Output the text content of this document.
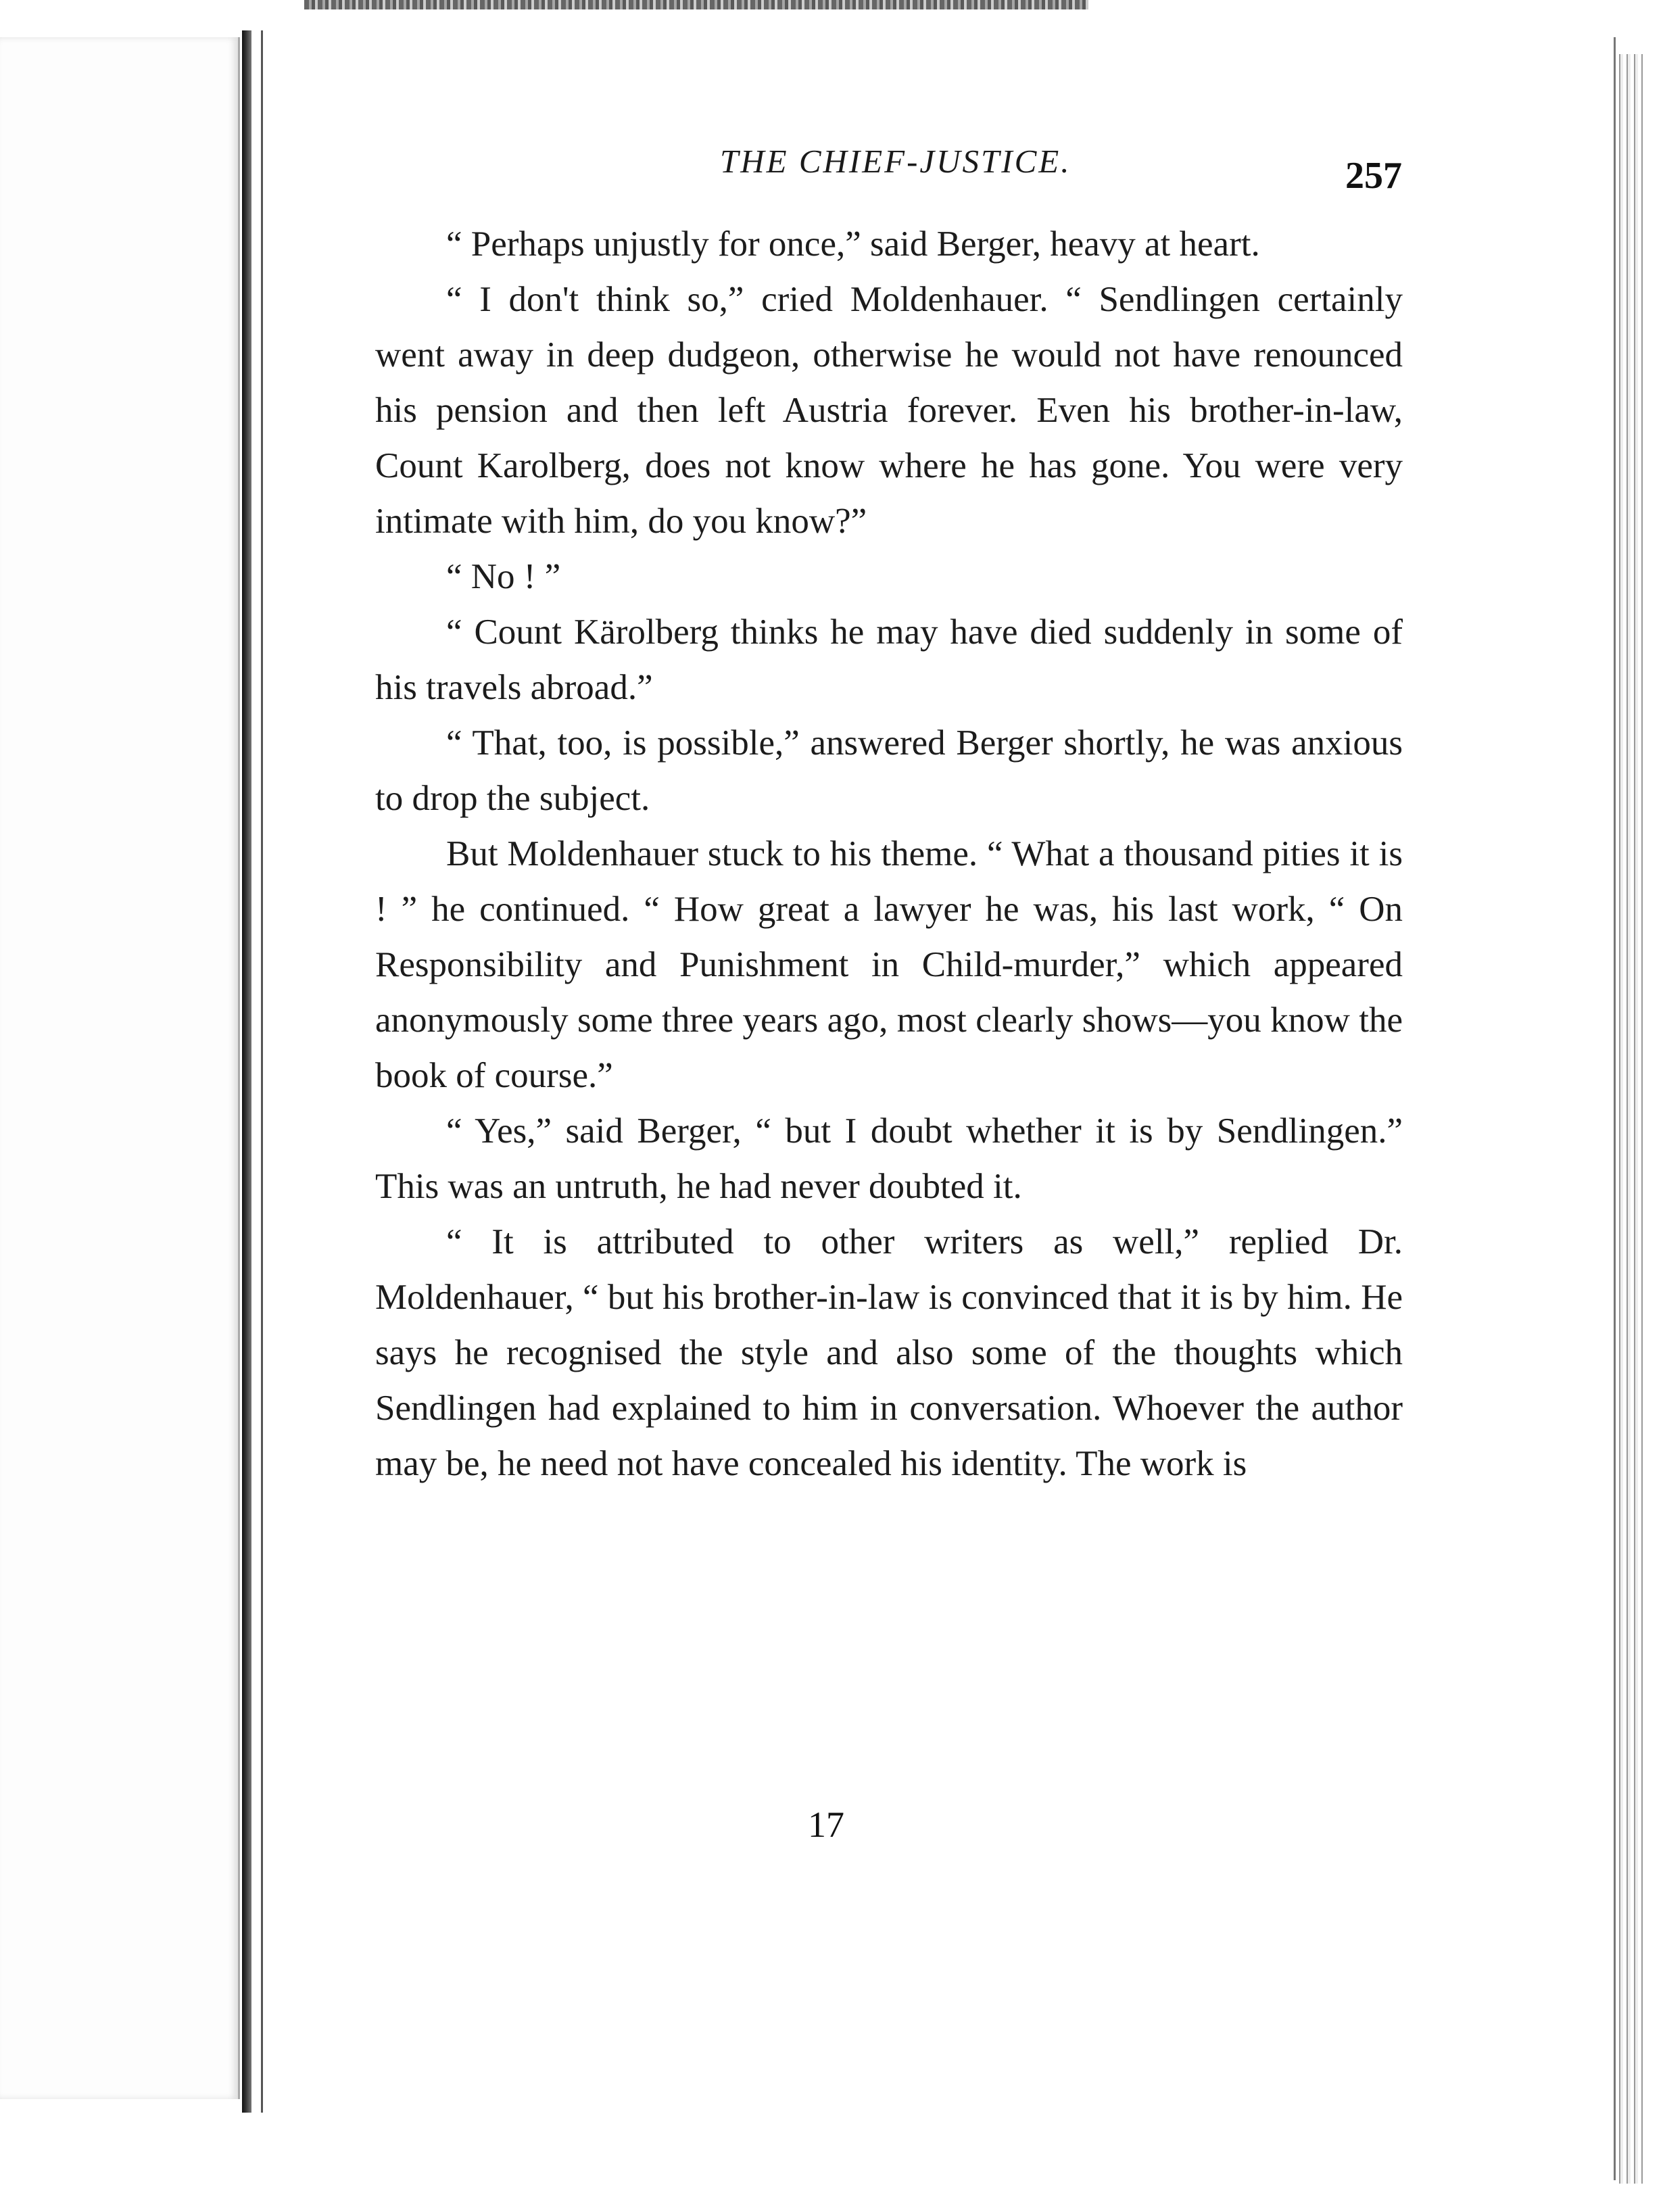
THE CHIEF-JUSTICE.	257

“ Perhaps unjustly for once,” said Berger, heavy at heart.

“ I don't think so,” cried Moldenhauer. “ Sendlingen certainly went away in deep dudgeon, otherwise he would not have renounced his pension and then left Austria forever. Even his brother-in-law, Count Karolberg, does not know where he has gone. You were very intimate with him, do you know?”

“ No ! ”

“ Count Kärolberg thinks he may have died suddenly in some of his travels abroad.”

“ That, too, is possible,” answered Berger shortly, he was anxious to drop the subject.

But Moldenhauer stuck to his theme. “ What a thousand pities it is ! ” he continued. “ How great a lawyer he was, his last work, “ On Responsibility and Punishment in Child-murder,” which appeared anonymously some three years ago, most clearly shows—you know the book of course.”

“ Yes,” said Berger, “ but I doubt whether it is by Sendlingen.” This was an untruth, he had never doubted it.

“ It is attributed to other writers as well,” replied Dr. Moldenhauer, “ but his brother-in-law is convinced that it is by him. He says he recognised the style and also some of the thoughts which Sendlingen had explained to him in conversation. Whoever the author may be, he need not have concealed his identity. The work is

17
